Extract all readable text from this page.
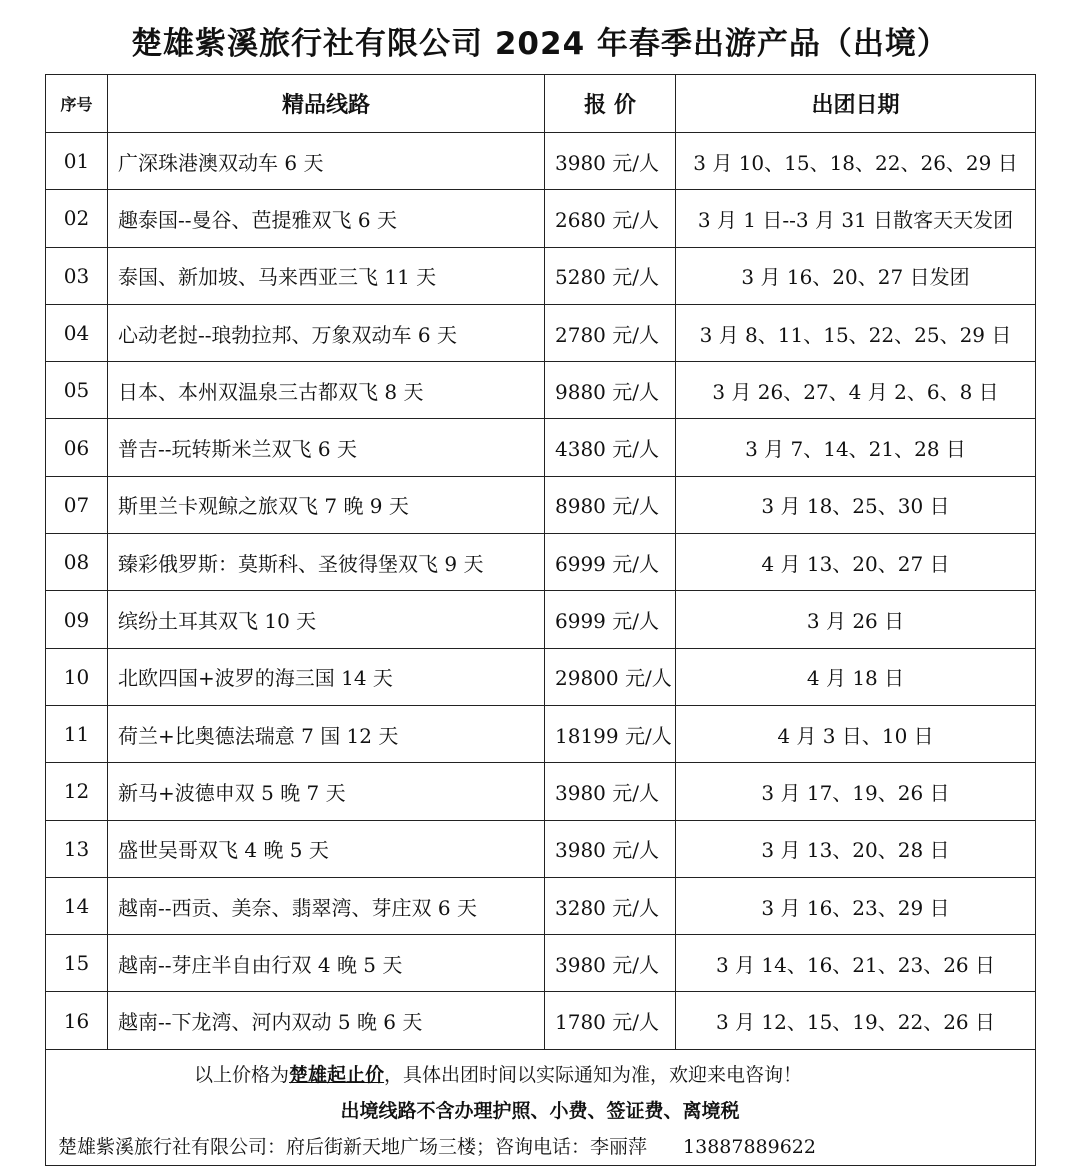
楚雄紫溪旅行社有限公司 2024 年春季出游产品（出境）
序号	精品线路	报 价	出团日期
01	广深珠港澳双动车 6 天	3980 元/人	3 月 10、15、18、22、26、29 日
02	趣泰国--曼谷、芭提雅双飞 6 天	2680 元/人	3 月 1 日--3 月 31 日散客天天发团
03	泰国、新加坡、马来西亚三飞 11 天	5280 元/人	3 月 16、20、27 日发团
04	心动老挝--琅勃拉邦、万象双动车 6 天	2780 元/人	3 月 8、11、15、22、25、29 日
05	日本、本州双温泉三古都双飞 8 天	9880 元/人	3 月 26、27、4 月 2、6、8 日
06	普吉--玩转斯米兰双飞 6 天	4380 元/人	3 月 7、14、21、28 日
07	斯里兰卡观鲸之旅双飞 7 晚 9 天	8980 元/人	3 月 18、25、30 日
08	臻彩俄罗斯：莫斯科、圣彼得堡双飞 9 天	6999 元/人	4 月 13、20、27 日
09	缤纷土耳其双飞 10 天	6999 元/人	3 月 26 日
10	北欧四国+波罗的海三国 14 天	29800 元/人	4 月 18 日
11	荷兰+比奥德法瑞意 7 国 12 天	18199 元/人	4 月 3 日、10 日
12	新马+波德申双 5 晚 7 天	3980 元/人	3 月 17、19、26 日
13	盛世吴哥双飞 4 晚 5 天	3980 元/人	3 月 13、20、28 日
14	越南--西贡、美奈、翡翠湾、芽庄双 6 天	3280 元/人	3 月 16、23、29 日
15	越南--芽庄半自由行双 4 晚 5 天	3980 元/人	3 月 14、16、21、23、26 日
16	越南--下龙湾、河内双动 5 晚 6 天	1780 元/人	3 月 12、15、19、22、26 日

以上价格为楚雄起止价，具体出团时间以实际通知为准，欢迎来电咨询！
出境线路不含办理护照、小费、签证费、离境税
楚雄紫溪旅行社有限公司：府后街新天地广场三楼；咨询电话：李丽萍 13887889622			
